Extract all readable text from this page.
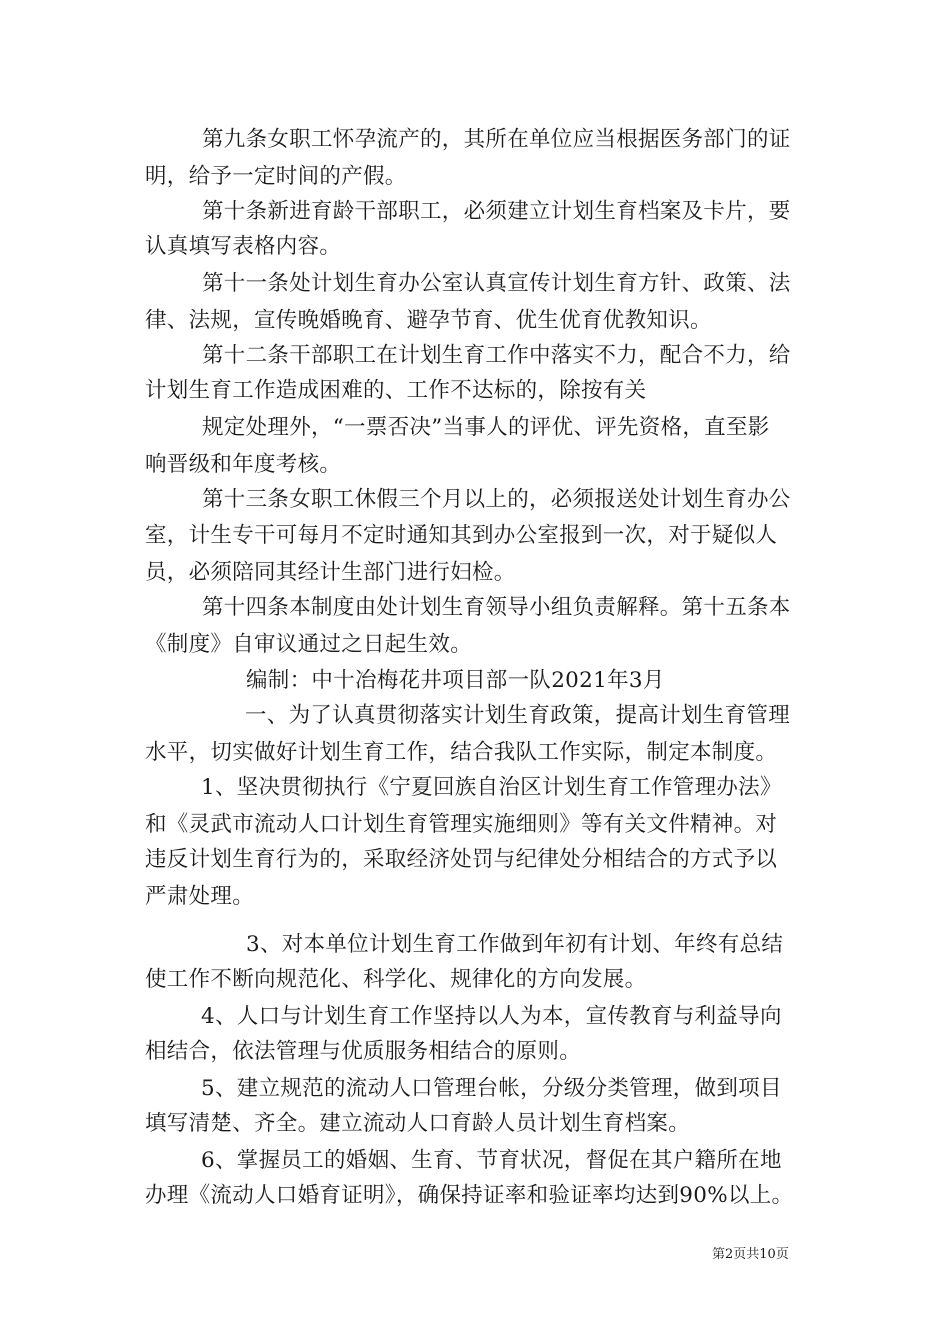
第九条女职工怀孕流产的，其所在单位应当根据医务部门的证

明，给予一定时间的产假。

第十条新进育龄干部职工，必须建立计划生育档案及卡片，要

认真填写表格内容。

第十一条处计划生育办公室认真宣传计划生育方针、政策、法

律、法规，宣传晚婚晚育、避孕节育、优生优育优教知识。

第十二条干部职工在计划生育工作中落实不力，配合不力，给

计划生育工作造成困难的、工作不达标的，除按有关

规定处理外，“一票否决”当事人的评优、评先资格，直至影

响晋级和年度考核。

第十三条女职工休假三个月以上的，必须报送处计划生育办公

室，计生专干可每月不定时通知其到办公室报到一次，对于疑似人

员，必须陪同其经计生部门进行妇检。

第十四条本制度由处计划生育领导小组负责解释。第十五条本

《制度》自审议通过之日起生效。

编制：中十冶梅花井项目部一队2021年3月

一、为了认真贯彻落实计划生育政策，提高计划生育管理

水平，切实做好计划生育工作，结合我队工作实际，制定本制度。

1、坚决贯彻执行《宁夏回族自治区计划生育工作管理办法》

和《灵武市流动人口计划生育管理实施细则》等有关文件精神。对

违反计划生育行为的，采取经济处罚与纪律处分相结合的方式予以

严肃处理。

3、对本单位计划生育工作做到年初有计划、年终有总结

使工作不断向规范化、科学化、规律化的方向发展。

4、人口与计划生育工作坚持以人为本，宣传教育与利益导向

相结合，依法管理与优质服务相结合的原则。

5、建立规范的流动人口管理台帐，分级分类管理，做到项目

填写清楚、齐全。建立流动人口育龄人员计划生育档案。

6、掌握员工的婚姻、生育、节育状况，督促在其户籍所在地

办理《流动人口婚育证明》，确保持证率和验证率均达到90%以上。

第2页共10页
